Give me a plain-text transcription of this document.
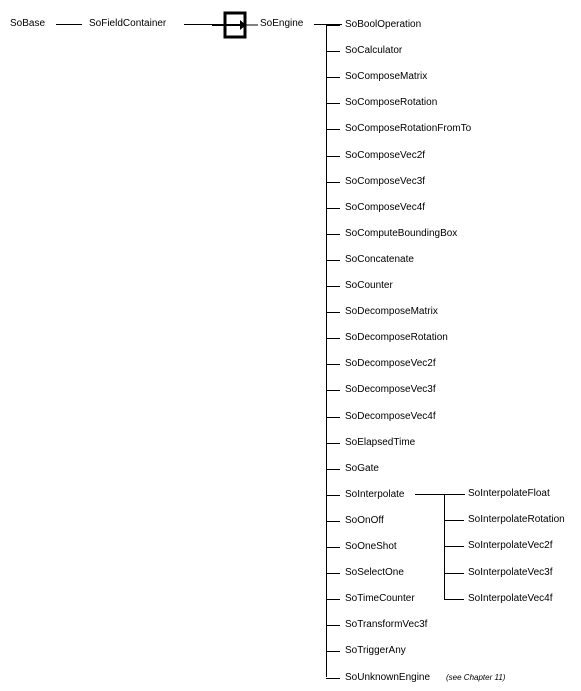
SoBase	SoFieldContainer	SoEngine	SoBoolOperation
SoCalculator
SoComposeMatrix
SoComposeRotation
SoComposeRotationFromTo
SoComposeVec2f
SoComposeVec3f
SoComposeVec4f
SoComputeBoundingBox
SoConcatenate
SoCounter
SoDecomposeMatrix
SoDecomposeRotation
SoDecomposeVec2f
SoDecomposeVec3f
SoDecomposeVec4f
SoElapsedTime
SoGate
SoInterpolate
SoOnOff
SoOneShot
SoSelectOne
SoTimeCounter
SoTransformVec3f
SoTriggerAny
SoUnknownEngine (see Chapter 11)
SoInterpolateFloat
SoInterpolateRotation
SoInterpolateVec2f
SoInterpolateVec3f
SoInterpolateVec4f
